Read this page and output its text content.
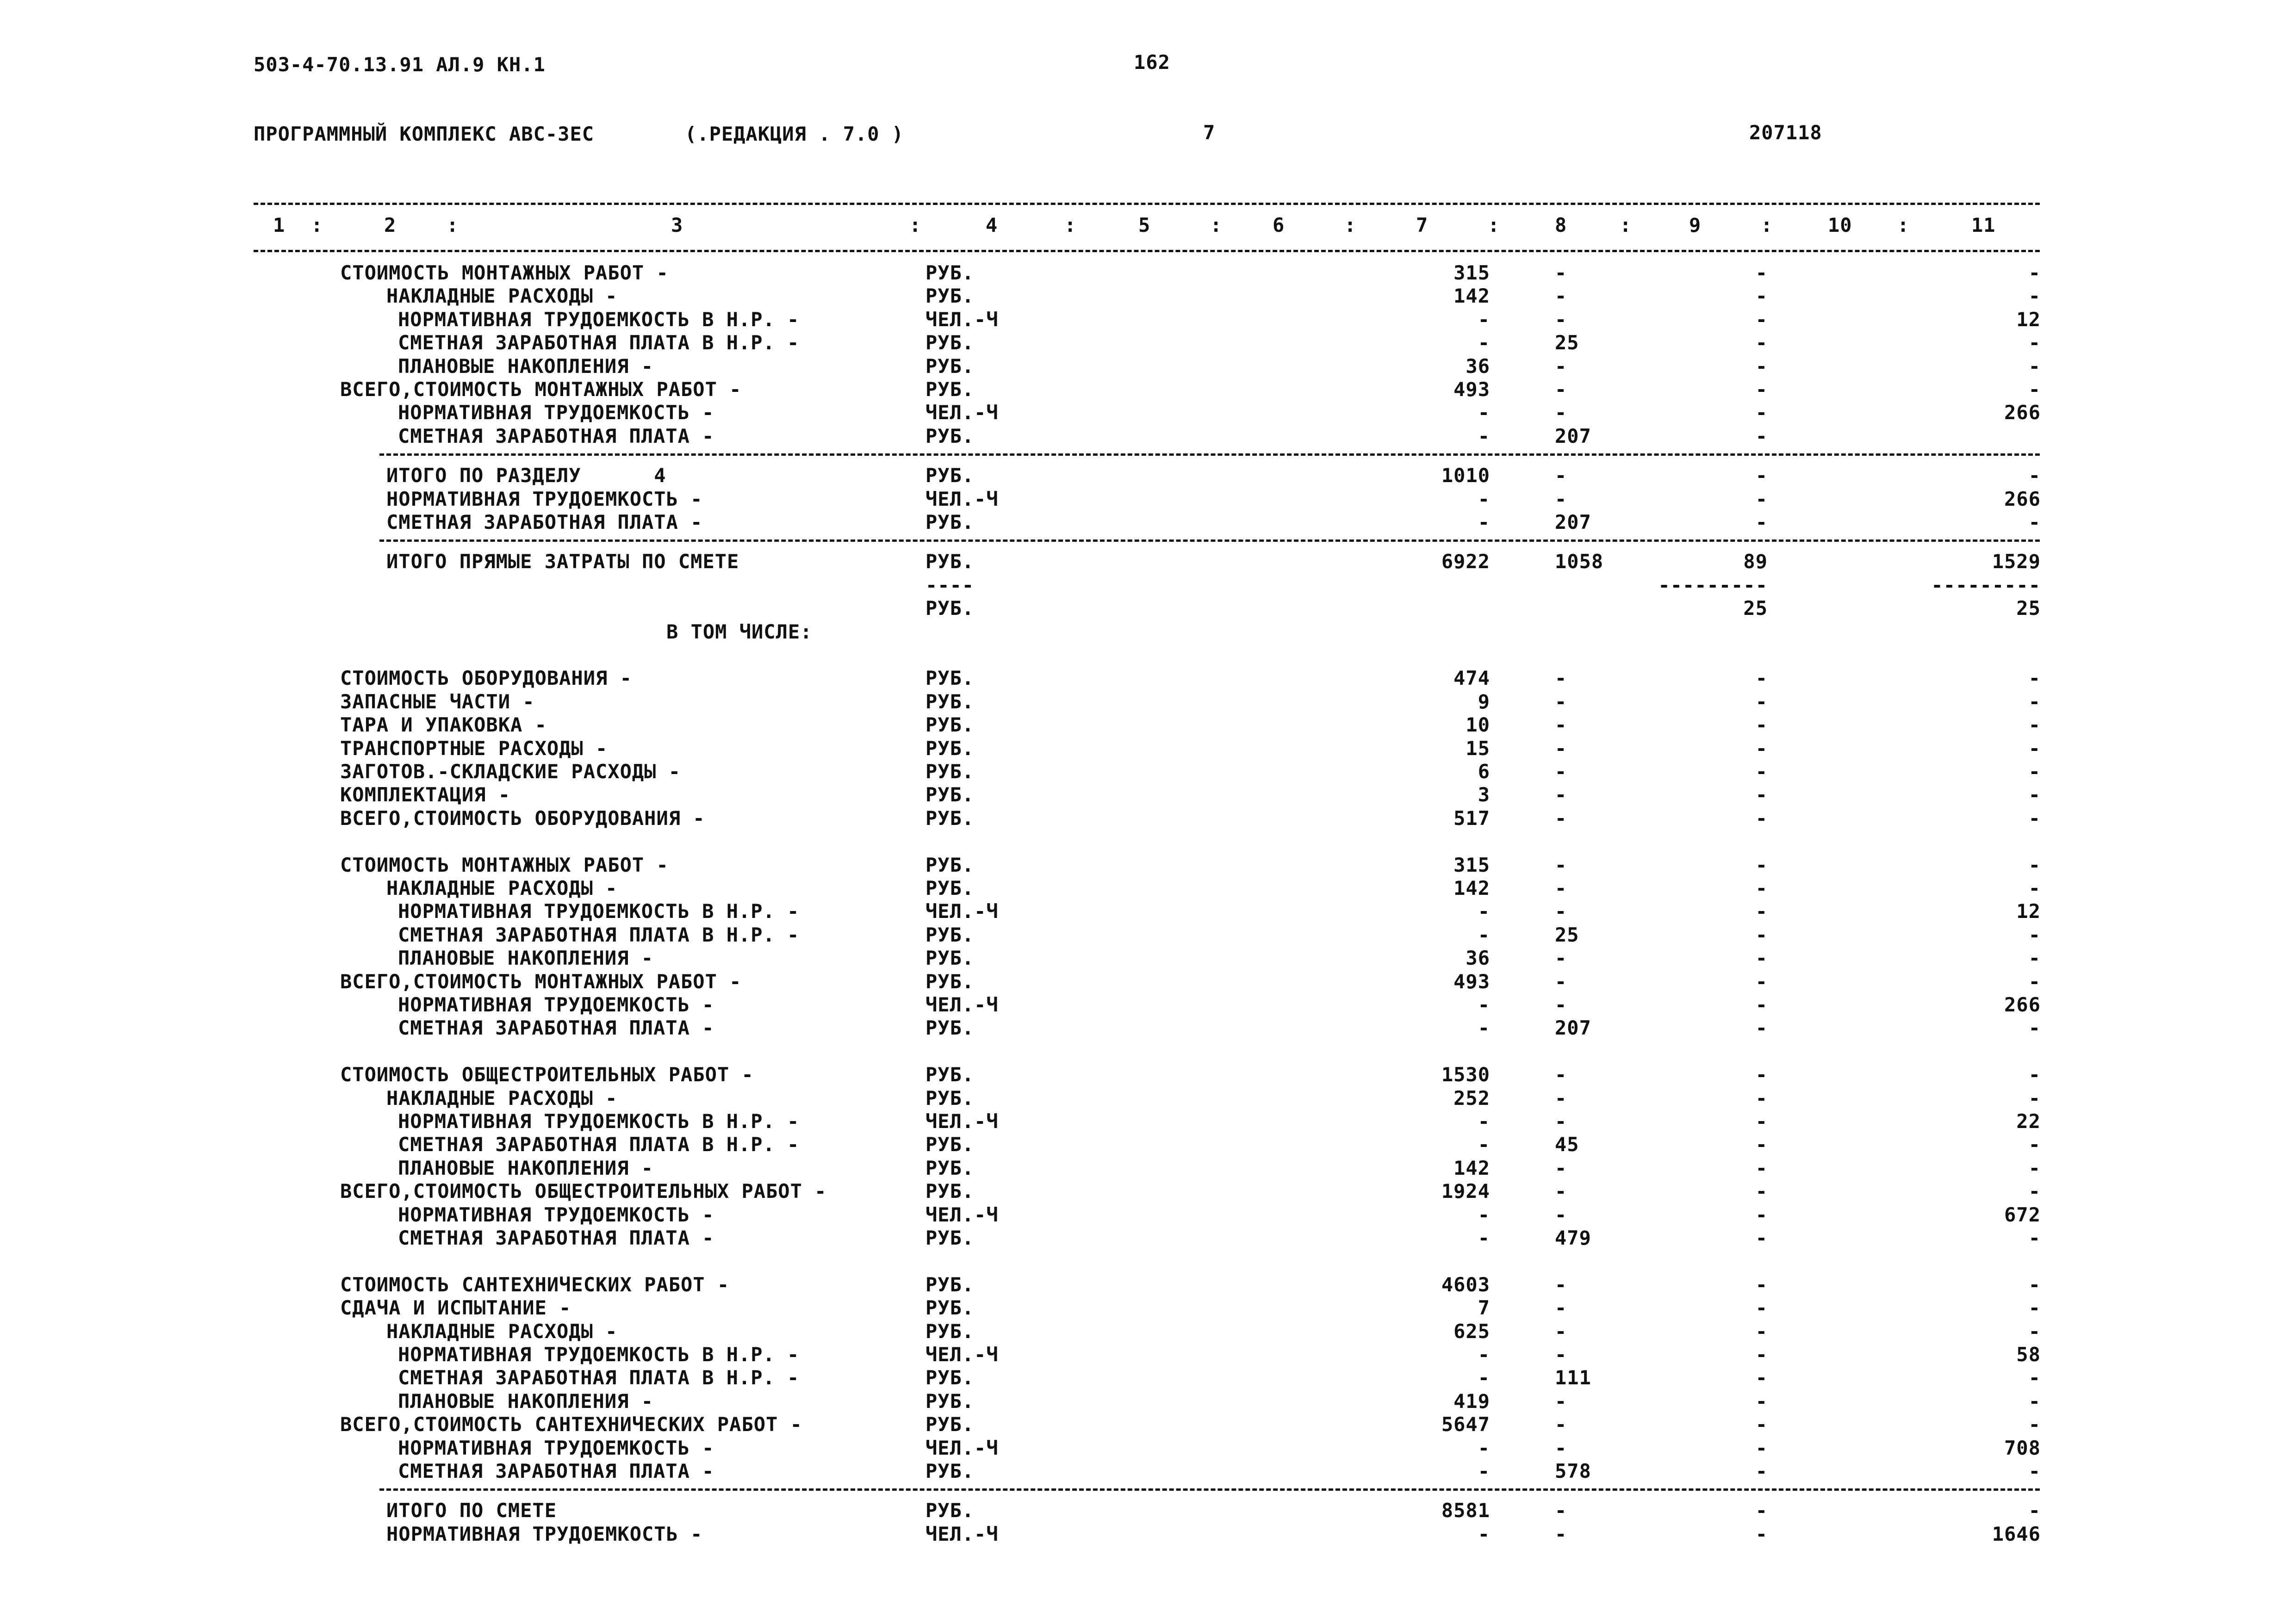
503-4-70.13.91 АЛ.9 КН.1	162
ПРОГРАММНЫЙ КОМПЛЕКС АВС-3ЕС	(.РЕДАКЦИЯ . 7.0 )	7	207118
1 :	2	:	3	:	4	:	5	:	6	:	7	:	8	:	9	:	10 :	11
СТОИМОСТЬ МОНТАЖНЫХ РАБОТ -	РУБ.	315	-	-	-
НАКЛАДНЫЕ РАСХОДЫ -	РУБ.	142	-	-	-
НОРМАТИВНАЯ ТРУДОЕМКОСТЬ В Н.Р. -	ЧЕЛ.-Ч	-	-	-	12
СМЕТНАЯ ЗАРАБОТНАЯ ПЛАТА В Н.Р. -	РУБ.	-	25	-	-
ПЛАНОВЫЕ НАКОПЛЕНИЯ -	РУБ.	36	-	-	-
ВСЕГО,СТОИМОСТЬ МОНТАЖНЫХ РАБОТ -	РУБ.	493	-	-	-
НОРМАТИВНАЯ ТРУДОЕМКОСТЬ -	ЧЕЛ.-Ч	-	-	-	266
СМЕТНАЯ ЗАРАБОТНАЯ ПЛАТА -	РУБ.	-	207	-
ИТОГО ПО РАЗДЕЛУ      4	РУБ.	1010	-	-	-
НОРМАТИВНАЯ ТРУДОЕМКОСТЬ -	ЧЕЛ.-Ч	-	-	-	266
СМЕТНАЯ ЗАРАБОТНАЯ ПЛАТА -	РУБ.	-	207	-	-
ИТОГО ПРЯМЫЕ ЗАТРАТЫ ПО СМЕТЕ	РУБ.	6922	1058	89	1529
----	---------	---------
РУБ.	25	25
В ТОМ ЧИСЛЕ:
СТОИМОСТЬ ОБОРУДОВАНИЯ -	РУБ.	474	-	-	-
ЗАПАСНЫЕ ЧАСТИ -	РУБ.	9	-	-	-
ТАРА И УПАКОВКА -	РУБ.	10	-	-	-
ТРАНСПОРТНЫЕ РАСХОДЫ -	РУБ.	15	-	-	-
ЗАГОТОВ.-СКЛАДСКИЕ РАСХОДЫ -	РУБ.	6	-	-	-
КОМПЛЕКТАЦИЯ -	РУБ.	3	-	-	-
ВСЕГО,СТОИМОСТЬ ОБОРУДОВАНИЯ -	РУБ.	517	-	-	-
СТОИМОСТЬ МОНТАЖНЫХ РАБОТ -	РУБ.	315	-	-	-
НАКЛАДНЫЕ РАСХОДЫ -	РУБ.	142	-	-	-
НОРМАТИВНАЯ ТРУДОЕМКОСТЬ В Н.Р. -	ЧЕЛ.-Ч	-	-	-	12
СМЕТНАЯ ЗАРАБОТНАЯ ПЛАТА В Н.Р. -	РУБ.	-	25	-	-
ПЛАНОВЫЕ НАКОПЛЕНИЯ -	РУБ.	36	-	-	-
ВСЕГО,СТОИМОСТЬ МОНТАЖНЫХ РАБОТ -	РУБ.	493	-	-	-
НОРМАТИВНАЯ ТРУДОЕМКОСТЬ -	ЧЕЛ.-Ч	-	-	-	266
СМЕТНАЯ ЗАРАБОТНАЯ ПЛАТА -	РУБ.	-	207	-	-
СТОИМОСТЬ ОБЩЕСТРОИТЕЛЬНЫХ РАБОТ -	РУБ.	1530	-	-	-
НАКЛАДНЫЕ РАСХОДЫ -	РУБ.	252	-	-	-
НОРМАТИВНАЯ ТРУДОЕМКОСТЬ В Н.Р. -	ЧЕЛ.-Ч	-	-	-	22
СМЕТНАЯ ЗАРАБОТНАЯ ПЛАТА В Н.Р. -	РУБ.	-	45	-	-
ПЛАНОВЫЕ НАКОПЛЕНИЯ -	РУБ.	142	-	-	-
ВСЕГО,СТОИМОСТЬ ОБЩЕСТРОИТЕЛЬНЫХ РАБОТ -	РУБ.	1924	-	-	-
НОРМАТИВНАЯ ТРУДОЕМКОСТЬ -	ЧЕЛ.-Ч	-	-	-	672
СМЕТНАЯ ЗАРАБОТНАЯ ПЛАТА -	РУБ.	-	479	-	-
СТОИМОСТЬ САНТЕХНИЧЕСКИХ РАБОТ -	РУБ.	4603	-	-	-
СДАЧА И ИСПЫТАНИЕ -	РУБ.	7	-	-	-
НАКЛАДНЫЕ РАСХОДЫ -	РУБ.	625	-	-	-
НОРМАТИВНАЯ ТРУДОЕМКОСТЬ В Н.Р. -	ЧЕЛ.-Ч	-	-	-	58
СМЕТНАЯ ЗАРАБОТНАЯ ПЛАТА В Н.Р. -	РУБ.	-	111	-	-
ПЛАНОВЫЕ НАКОПЛЕНИЯ -	РУБ.	419	-	-	-
ВСЕГО,СТОИМОСТЬ САНТЕХНИЧЕСКИХ РАБОТ -	РУБ.	5647	-	-	-
НОРМАТИВНАЯ ТРУДОЕМКОСТЬ -	ЧЕЛ.-Ч	-	-	-	708
СМЕТНАЯ ЗАРАБОТНАЯ ПЛАТА -	РУБ.	-	578	-	-
ИТОГО ПО СМЕТЕ	РУБ.	8581	-	-	-
НОРМАТИВНАЯ ТРУДОЕМКОСТЬ -	ЧЕЛ.-Ч	-	-	-	1646
